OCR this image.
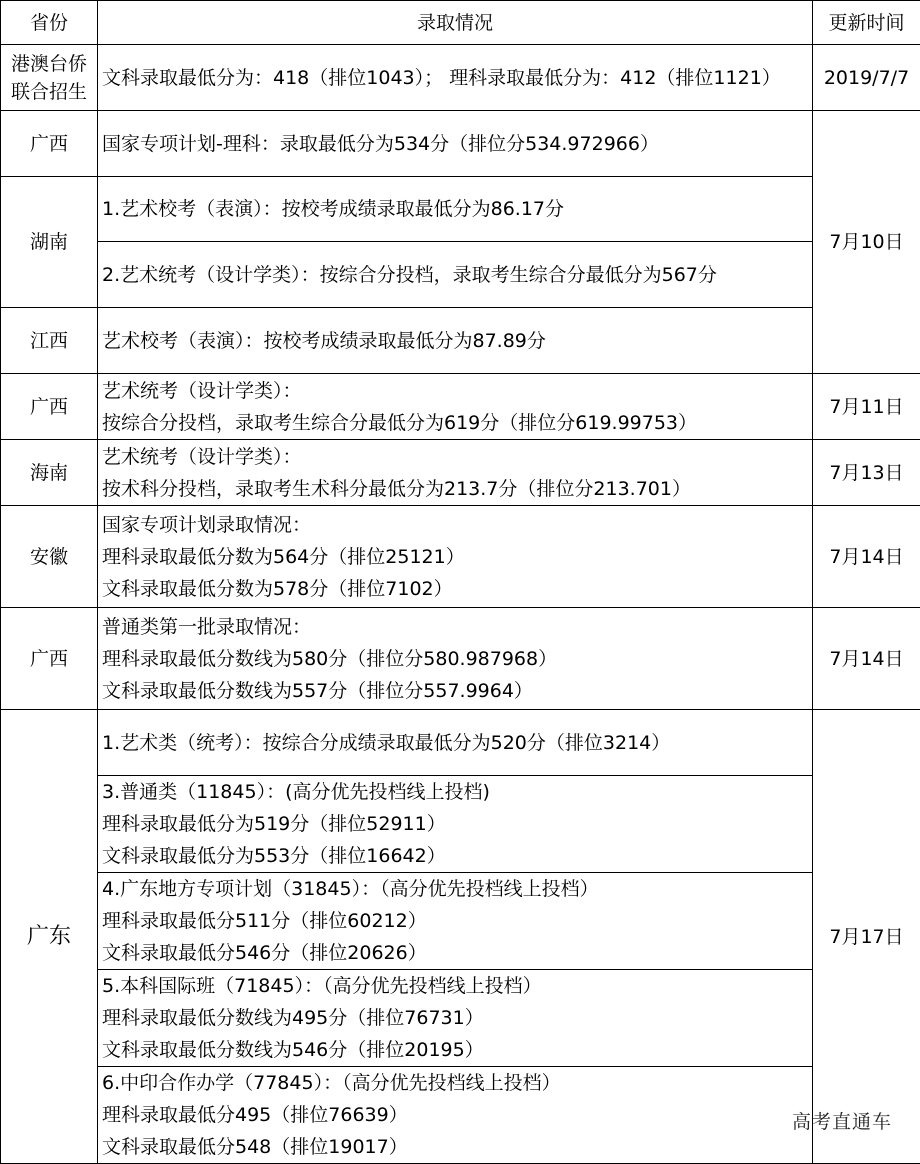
省份	录取情况	更新时间

港澳台侨
联合招生	文科录取最低分为：418（排位1043）； 理科录取最低分为：412（排位1121）	2019/7/7
广西	国家专项计划-理科：录取最低分为534分（排位分534.972966）	7月10日
湖南	1.艺术校考（表演）：按校考成绩录取最低分为86.17分	

	2.艺术统考（设计学类）：按综合分投档，录取考生综合分最低分为567分	

江西	艺术校考（表演）：按校考成绩录取最低分为87.89分	

广西	艺术统考（设计学类）：
按综合分投档，录取考生综合分最低分为619分（排位分619.99753）	7月11日
海南	艺术统考（设计学类）：
按术科分投档，录取考生术科分最低分为213.7分（排位分213.701）	7月13日
安徽	国家专项计划录取情况：
理科录取最低分数为564分（排位25121）
文科录取最低分数为578分（排位7102）	7月14日
广西	普通类第一批录取情况：
理科录取最低分数线为580分（排位分580.987968）
文科录取最低分数线为557分（排位分557.9964）	7月14日
广东	1.艺术类（统考）：按综合分成绩录取最低分为520分（排位3214）	7月17日

	3.普通类（11845）：(高分优先投档线上投档)
理科录取最低分为519分（排位52911）
文科录取最低分为553分（排位16642）	

	4.广东地方专项计划（31845）：（高分优先投档线上投档）
理科录取最低分511分（排位60212）
文科录取最低分546分（排位20626）	

	5.本科国际班（71845）：（高分优先投档线上投档）
理科录取最低分数线为495分（排位76731）
文科录取最低分数线为546分（排位20195）	

	6.中印合作办学（77845）：（高分优先投档线上投档）
理科录取最低分495（排位76639）
文科录取最低分548（排位19017）	
高考直通车
